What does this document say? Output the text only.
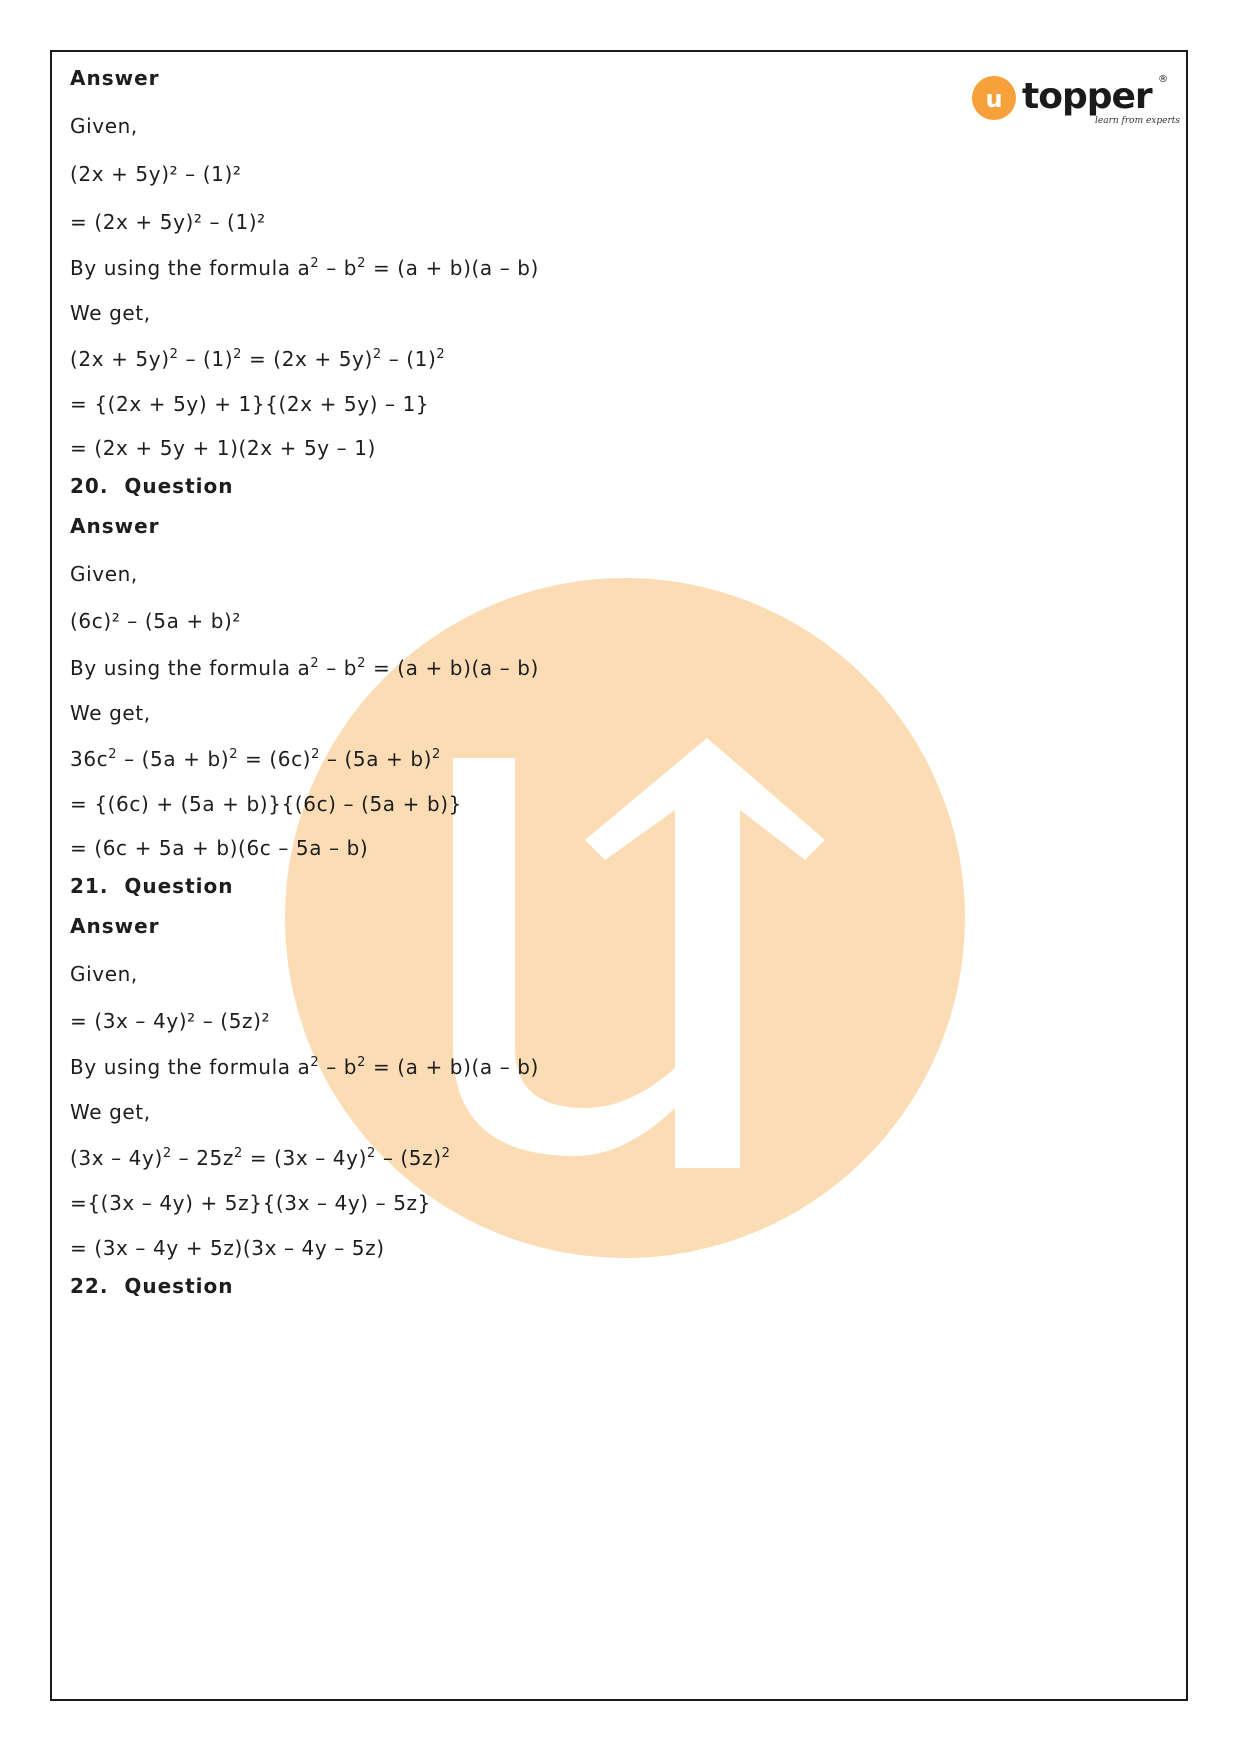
u topper ®
learn from experts
Answer
Given,
(2x + 5y)² – (1)²
= (2x + 5y)² – (1)²
By using the formula $a^2 - b^2 = (a + b)(a - b)$
We get,
$(2x + 5y)^2 - (1)^2 = (2x + 5y)^2 - (1)^2$
= {(2x + 5y) + 1}{(2x + 5y) – 1}
= (2x + 5y + 1)(2x + 5y – 1)
20.  Question
Answer
Given,
(6c)² – (5a + b)²
By using the formula $a^2 - b^2 = (a + b)(a - b)$
We get,
$36c^2 - (5a + b)^2 = (6c)^2 - (5a + b)^2$
= {(6c) + (5a + b)}{(6c) – (5a + b)}
= (6c + 5a + b)(6c – 5a – b)
21.  Question
Answer
Given,
= (3x – 4y)² – (5z)²
By using the formula $a^2 - b^2 = (a + b)(a - b)$
We get,
$(3x - 4y)^2 - 25z^2 = (3x - 4y)^2 - (5z)^2$
={(3x – 4y) + 5z}{(3x – 4y) – 5z}
= (3x – 4y + 5z)(3x – 4y – 5z)
22.  Question
